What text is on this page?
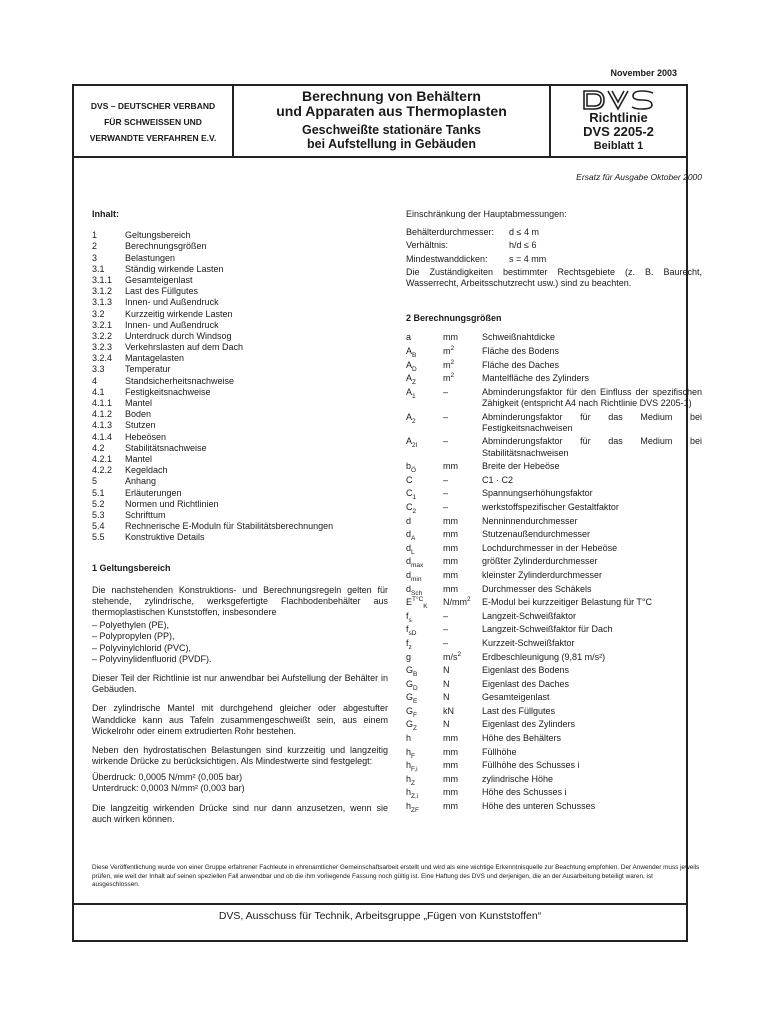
November 2003
DVS – DEUTSCHER VERBAND
FÜR SCHWEISSEN UND
VERWANDTE VERFAHREN E.V.
Berechnung von Behältern
und Apparaten aus Thermoplasten
Geschweißte stationäre Tanks
bei Aufstellung in Gebäuden
Richtlinie
DVS 2205-2
Beiblatt 1
Ersatz für Ausgabe Oktober 2000
Inhalt:
1	Geltungsbereich
2	Berechnungsgrößen
3	Belastungen
3.1	Ständig wirkende Lasten
3.1.1	Gesamteigenlast
3.1.2	Last des Füllgutes
3.1.3	Innen- und Außendruck
3.2	Kurzzeitig wirkende Lasten
3.2.1	Innen- und Außendruck
3.2.2	Unterdruck durch Windsog
3.2.3	Verkehrslasten auf dem Dach
3.2.4	Mantagelasten
3.3	Temperatur
4	Standsicherheitsnachweise
4.1	Festigkeitsnachweise
4.1.1	Mantel
4.1.2	Boden
4.1.3	Stutzen
4.1.4	Hebeösen
4.2	Stabilitätsnachweise
4.2.1	Mantel
4.2.2	Kegeldach
5	Anhang
5.1	Erläuterungen
5.2	Normen und Richtlinien
5.3	Schrifttum
5.4	Rechnerische E-Moduln für Stabilitätsberechnungen
5.5	Konstruktive Details
1 Geltungsbereich

Die nachstehenden Konstruktions- und Berechnungsregeln gelten für stehende, zylindrische, werksgefertigte Flachbodenbehälter aus thermoplastischen Kunststoffen, insbesondere

– Polyethylen (PE),
– Polypropylen (PP),
– Polyvinylchlorid (PVC),
– Polyvinylidenfluorid (PVDF).

Dieser Teil der Richtlinie ist nur anwendbar bei Aufstellung der Behälter in Gebäuden.

Der zylindrische Mantel mit durchgehend gleicher oder abgestufter Wanddicke kann aus Tafeln zusammengeschweißt sein, aus einem Wickelrohr oder einem extrudierten Rohr bestehen.

Neben den hydrostatischen Belastungen sind kurzzeitig und langzeitig wirkende Drücke zu berücksichtigen. Als Mindestwerte sind festgelegt:

Überdruck: 0,0005 N/mm² (0,005 bar)
Unterdruck: 0,0003 N/mm² (0,003 bar)

Die langzeitig wirkenden Drücke sind nur dann anzusetzen, wenn sie auch wirken können.

Einschränkung der Hauptabmessungen:
Behälterdurchmesser:	d ≤ 4 m
Verhältnis:	h/d ≤ 6
Mindestwanddicken:	s = 4 mm

Die Zuständigkeiten bestimmter Rechtsgebiete (z. B. Baurecht, Wasserrecht, Arbeitsschutzrecht usw.) sind zu beachten.

2 Berechnungsgrößen
a	mm	Schweißnahtdicke
$A_B$	$m^2$	Fläche des Bodens
$A_D$	$m^2$	Fläche des Daches
$A_Z$	$m^2$	Mantelfläche des Zylinders
$A_1$	–	Abminderungsfaktor für den Einfluss der spezifischen Zähigkeit (entspricht A4 nach Richtlinie DVS 2205-1)
$A_2$	–	Abminderungsfaktor für das Medium bei Festigkeitsnachweisen
$A_{2I}$	–	Abminderungsfaktor für das Medium bei Stabilitätsnachweisen
$b_Ö$	mm	Breite der Hebeöse
C	–	C1 · C2
$C_1$	–	Spannungserhöhungsfaktor
$C_2$	–	werkstoffspezifischer Gestaltfaktor
d	mm	Nenninnendurchmesser
$d_A$	mm	Stutzenaußendurchmesser
$d_L$	mm	Lochdurchmesser in der Hebeöse
$d_{max}$	mm	größter Zylinderdurchmesser
$d_{min}$	mm	kleinster Zylinderdurchmesser
$d_{Sch}$	mm	Durchmesser des Schäkels
$E^{T^\circ C}_K$	$N/mm^2$	E-Modul bei kurzzeitiger Belastung für T°C
$f_s$	–	Langzeit-Schweißfaktor
$f_{sD}$	–	Langzeit-Schweißfaktor für Dach
$f_z$	–	Kurzzeit-Schweißfaktor
g	$m/s^2$	Erdbeschleunigung (9,81 m/s²)
$G_B$	N	Eigenlast des Bodens
$G_D$	N	Eigenlast des Daches
$G_E$	N	Gesamteigenlast
$G_F$	kN	Last des Füllgutes
$G_Z$	N	Eigenlast des Zylinders
h	mm	Höhe des Behälters
$h_F$	mm	Füllhöhe
$h_{F,i}$	mm	Füllhöhe des Schusses i
$h_Z$	mm	zylindrische Höhe
$h_{Z,i}$	mm	Höhe des Schusses i
$h_{ZF}$	mm	Höhe des unteren Schusses
Diese Veröffentlichung wurde von einer Gruppe erfahrener Fachleute in ehrenamtlicher Gemeinschaftsarbeit erstellt und wird als eine wichtige Erkenntnisquelle zur Beachtung empfohlen. Der Anwender muss jeweils prüfen, wie weit der Inhalt auf seinen speziellen Fall anwendbar und ob die ihm vorliegende Fassung noch gültig ist. Eine Haftung des DVS und derjenigen, die an der Ausarbeitung beteiligt waren, ist ausgeschlossen.
DVS, Ausschuss für Technik, Arbeitsgruppe „Fügen von Kunststoffen“
